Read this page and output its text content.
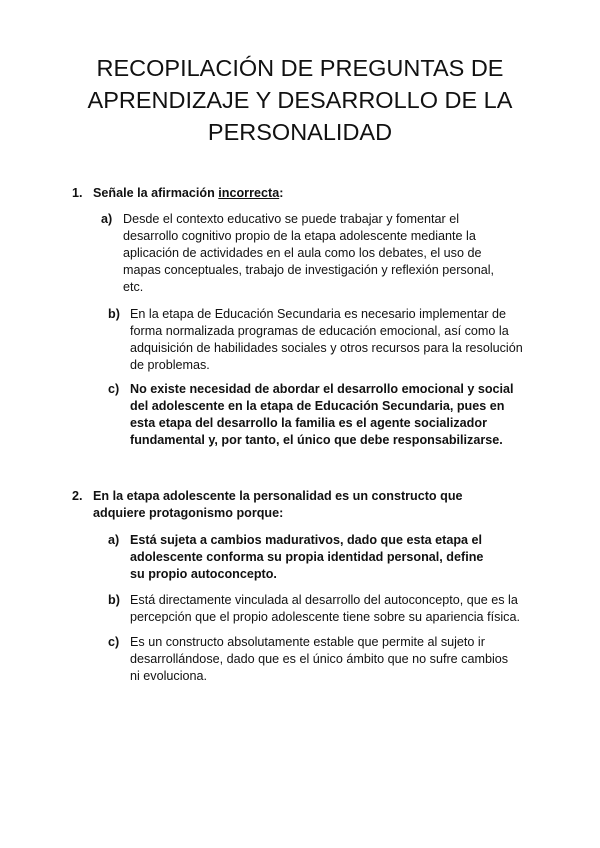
RECOPILACIÓN DE PREGUNTAS DE APRENDIZAJE Y DESARROLLO DE LA PERSONALIDAD
1. Señale la afirmación incorrecta:
a) Desde el contexto educativo se puede trabajar y fomentar el desarrollo cognitivo propio de la etapa adolescente mediante la aplicación de actividades en el aula como los debates, el uso de mapas conceptuales, trabajo de investigación y reflexión personal, etc.
b) En la etapa de Educación Secundaria es necesario implementar de forma normalizada programas de educación emocional, así como la adquisición de habilidades sociales y otros recursos para la resolución de problemas.
c) No existe necesidad de abordar el desarrollo emocional y social del adolescente en la etapa de Educación Secundaria, pues en esta etapa del desarrollo la familia es el agente socializador fundamental y, por tanto, el único que debe responsabilizarse.
2. En la etapa adolescente la personalidad es un constructo que adquiere protagonismo porque:
a) Está sujeta a cambios madurativos, dado que esta etapa el adolescente conforma su propia identidad personal, define su propio autoconcepto.
b) Está directamente vinculada al desarrollo del autoconcepto, que es la percepción que el propio adolescente tiene sobre su apariencia física.
c) Es un constructo absolutamente estable que permite al sujeto ir desarrollándose, dado que es el único ámbito que no sufre cambios ni evoluciona.
